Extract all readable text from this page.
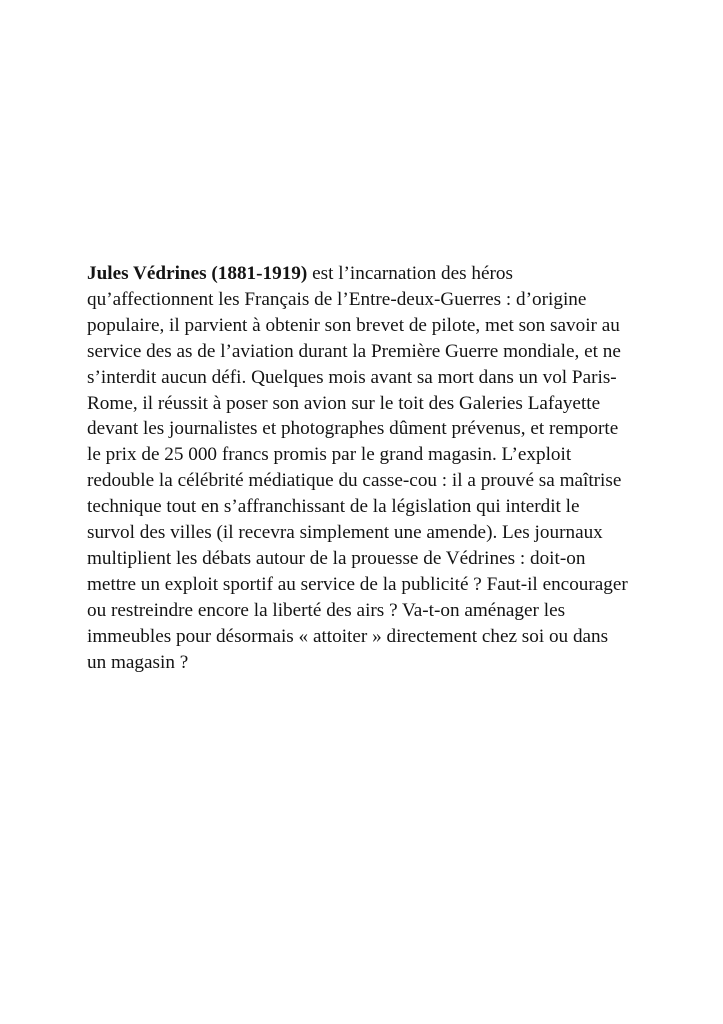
Jules Védrines (1881-1919) est l’incarnation des héros
qu’affectionnent les Français de l’Entre-deux-Guerres : d’origine
populaire, il parvient à obtenir son brevet de pilote, met son savoir au
service des as de l’aviation durant la Première Guerre mondiale, et ne
s’interdit aucun défi. Quelques mois avant sa mort dans un vol Paris-
Rome, il réussit à poser son avion sur le toit des Galeries Lafayette
devant les journalistes et photographes dûment prévenus, et remporte
le prix de 25 000 francs promis par le grand magasin. L’exploit
redouble la célébrité médiatique du casse-cou : il a prouvé sa maîtrise
technique tout en s’affranchissant de la législation qui interdit le
survol des villes (il recevra simplement une amende). Les journaux
multiplient les débats autour de la prouesse de Védrines : doit-on
mettre un exploit sportif au service de la publicité ? Faut-il encourager
ou restreindre encore la liberté des airs ? Va-t-on aménager les
immeubles pour désormais « attoiter » directement chez soi ou dans
un magasin ?
